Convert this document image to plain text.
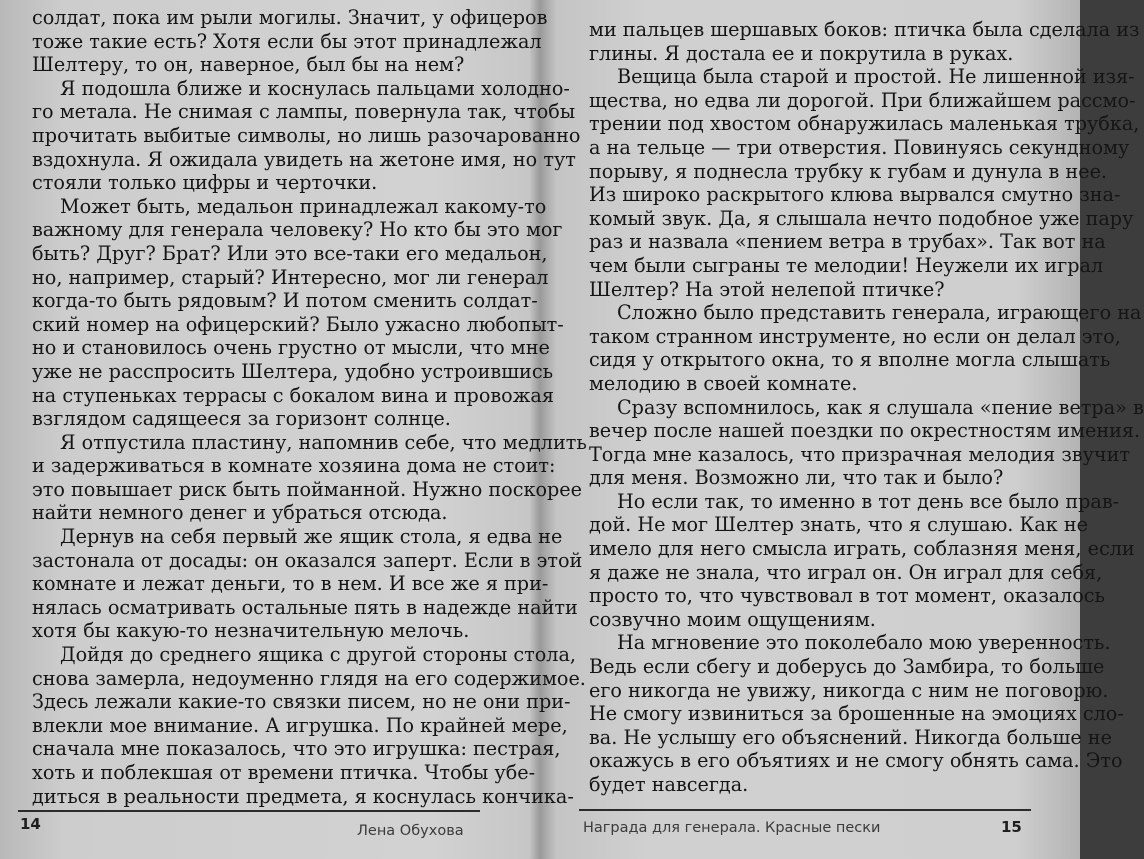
солдат, пока им рыли могилы. Значит, у офицеров
тоже такие есть? Хотя если бы этот принадлежал
Шелтеру, то он, наверное, был бы на нем?
Я подошла ближе и коснулась пальцами холодно-
го метала. Не снимая с лампы, повернула так, чтобы
прочитать выбитые символы, но лишь разочарованно
вздохнула. Я ожидала увидеть на жетоне имя, но тут
стояли только цифры и черточки.
Может быть, медальон принадлежал какому-то
важному для генерала человеку? Но кто бы это мог
быть? Друг? Брат? Или это все-таки его медальон,
но, например, старый? Интересно, мог ли генерал
когда-то быть рядовым? И потом сменить солдат-
ский номер на офицерский? Было ужасно любопыт-
но и становилось очень грустно от мысли, что мне
уже не расспросить Шелтера, удобно устроившись
на ступеньках террасы с бокалом вина и провожая
взглядом садящееся за горизонт солнце.
Я отпустила пластину, напомнив себе, что медлить
и задерживаться в комнате хозяина дома не стоит:
это повышает риск быть пойманной. Нужно поскорее
найти немного денег и убраться отсюда.
Дернув на себя первый же ящик стола, я едва не
застонала от досады: он оказался заперт. Если в этой
комнате и лежат деньги, то в нем. И все же я при-
нялась осматривать остальные пять в надежде найти
хотя бы какую-то незначительную мелочь.
Дойдя до среднего ящика с другой стороны стола,
снова замерла, недоуменно глядя на его содержимое.
Здесь лежали какие-то связки писем, но не они при-
влекли мое внимание. А игрушка. По крайней мере,
сначала мне показалось, что это игрушка: пестрая,
хоть и поблекшая от времени птичка. Чтобы убе-
диться в реальности предмета, я коснулась кончика-
14	Лена Обухова
ми пальцев шершавых боков: птичка была сделала из
глины. Я достала ее и покрутила в руках.
Вещица была старой и простой. Не лишенной изя-
щества, но едва ли дорогой. При ближайшем рассмо-
трении под хвостом обнаружилась маленькая трубка,
а на тельце — три отверстия. Повинуясь секундному
порыву, я поднесла трубку к губам и дунула в нее.
Из широко раскрытого клюва вырвался смутно зна-
комый звук. Да, я слышала нечто подобное уже пару
раз и назвала «пением ветра в трубах». Так вот на
чем были сыграны те мелодии! Неужели их играл
Шелтер? На этой нелепой птичке?
Сложно было представить генерала, играющего на
таком странном инструменте, но если он делал это,
сидя у открытого окна, то я вполне могла слышать
мелодию в своей комнате.
Сразу вспомнилось, как я слушала «пение ветра» в
вечер после нашей поездки по окрестностям имения.
Тогда мне казалось, что призрачная мелодия звучит
для меня. Возможно ли, что так и было?
Но если так, то именно в тот день все было прав-
дой. Не мог Шелтер знать, что я слушаю. Как не
имело для него смысла играть, соблазняя меня, если
я даже не знала, что играл он. Он играл для себя,
просто то, что чувствовал в тот момент, оказалось
созвучно моим ощущениям.
На мгновение это поколебало мою уверенность.
Ведь если сбегу и доберусь до Замбира, то больше
его никогда не увижу, никогда с ним не поговорю.
Не смогу извиниться за брошенные на эмоциях сло-
ва. Не услышу его объяснений. Никогда больше не
окажусь в его объятиях и не смогу обнять сама. Это
будет навсегда.
Награда для генерала. Красные пески	15
